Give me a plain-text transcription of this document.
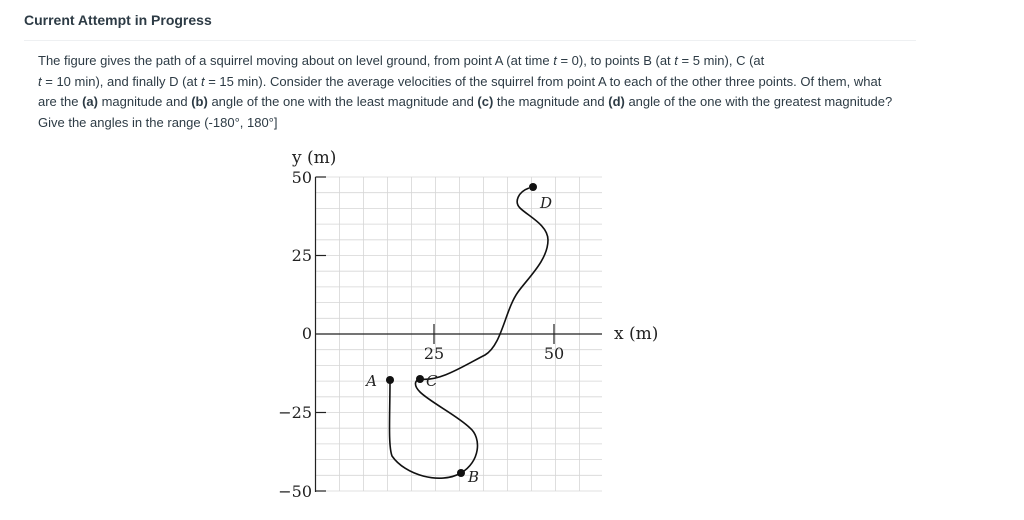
Current Attempt in Progress
The figure gives the path of a squirrel moving about on level ground, from point A (at time t = 0), to points B (at t = 5 min), C (at
t = 10 min), and finally D (at t = 15 min). Consider the average velocities of the squirrel from point A to each of the other three points. Of them, what are the (a) magnitude and (b) angle of the one with the least magnitude and (c) the magnitude and (d) angle of the one with the greatest magnitude? Give the angles in the range (-180°, 180°]
y (m)
x (m)
50
25
0
−25
−50
25	50
A	C
B
D
